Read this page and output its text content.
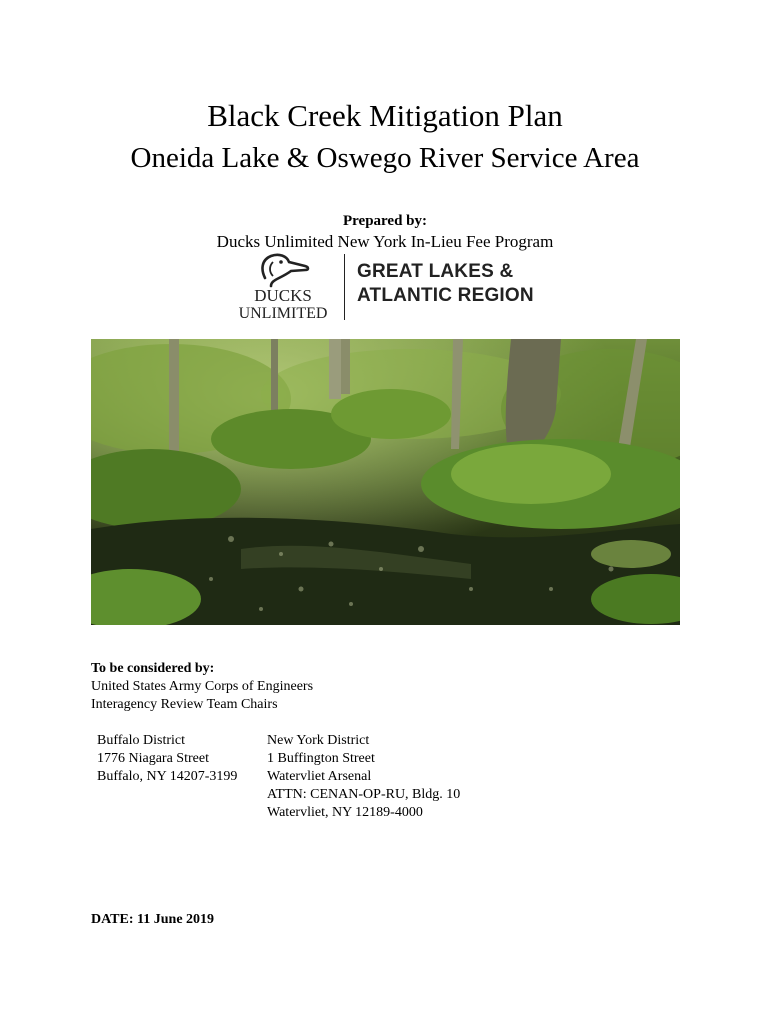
Black Creek Mitigation Plan
Oneida Lake & Oswego River Service Area
Prepared by:
Ducks Unlimited New York In-Lieu Fee Program
DUCKS
UNLIMITED
GREAT LAKES &
ATLANTIC REGION
To be considered by:
United States Army Corps of Engineers
Interagency Review Team Chairs
Buffalo District
1776 Niagara Street
Buffalo, NY 14207-3199
New York District
1 Buffington Street
Watervliet Arsenal
ATTN: CENAN-OP-RU, Bldg. 10
Watervliet, NY 12189-4000
DATE: 11 June 2019
